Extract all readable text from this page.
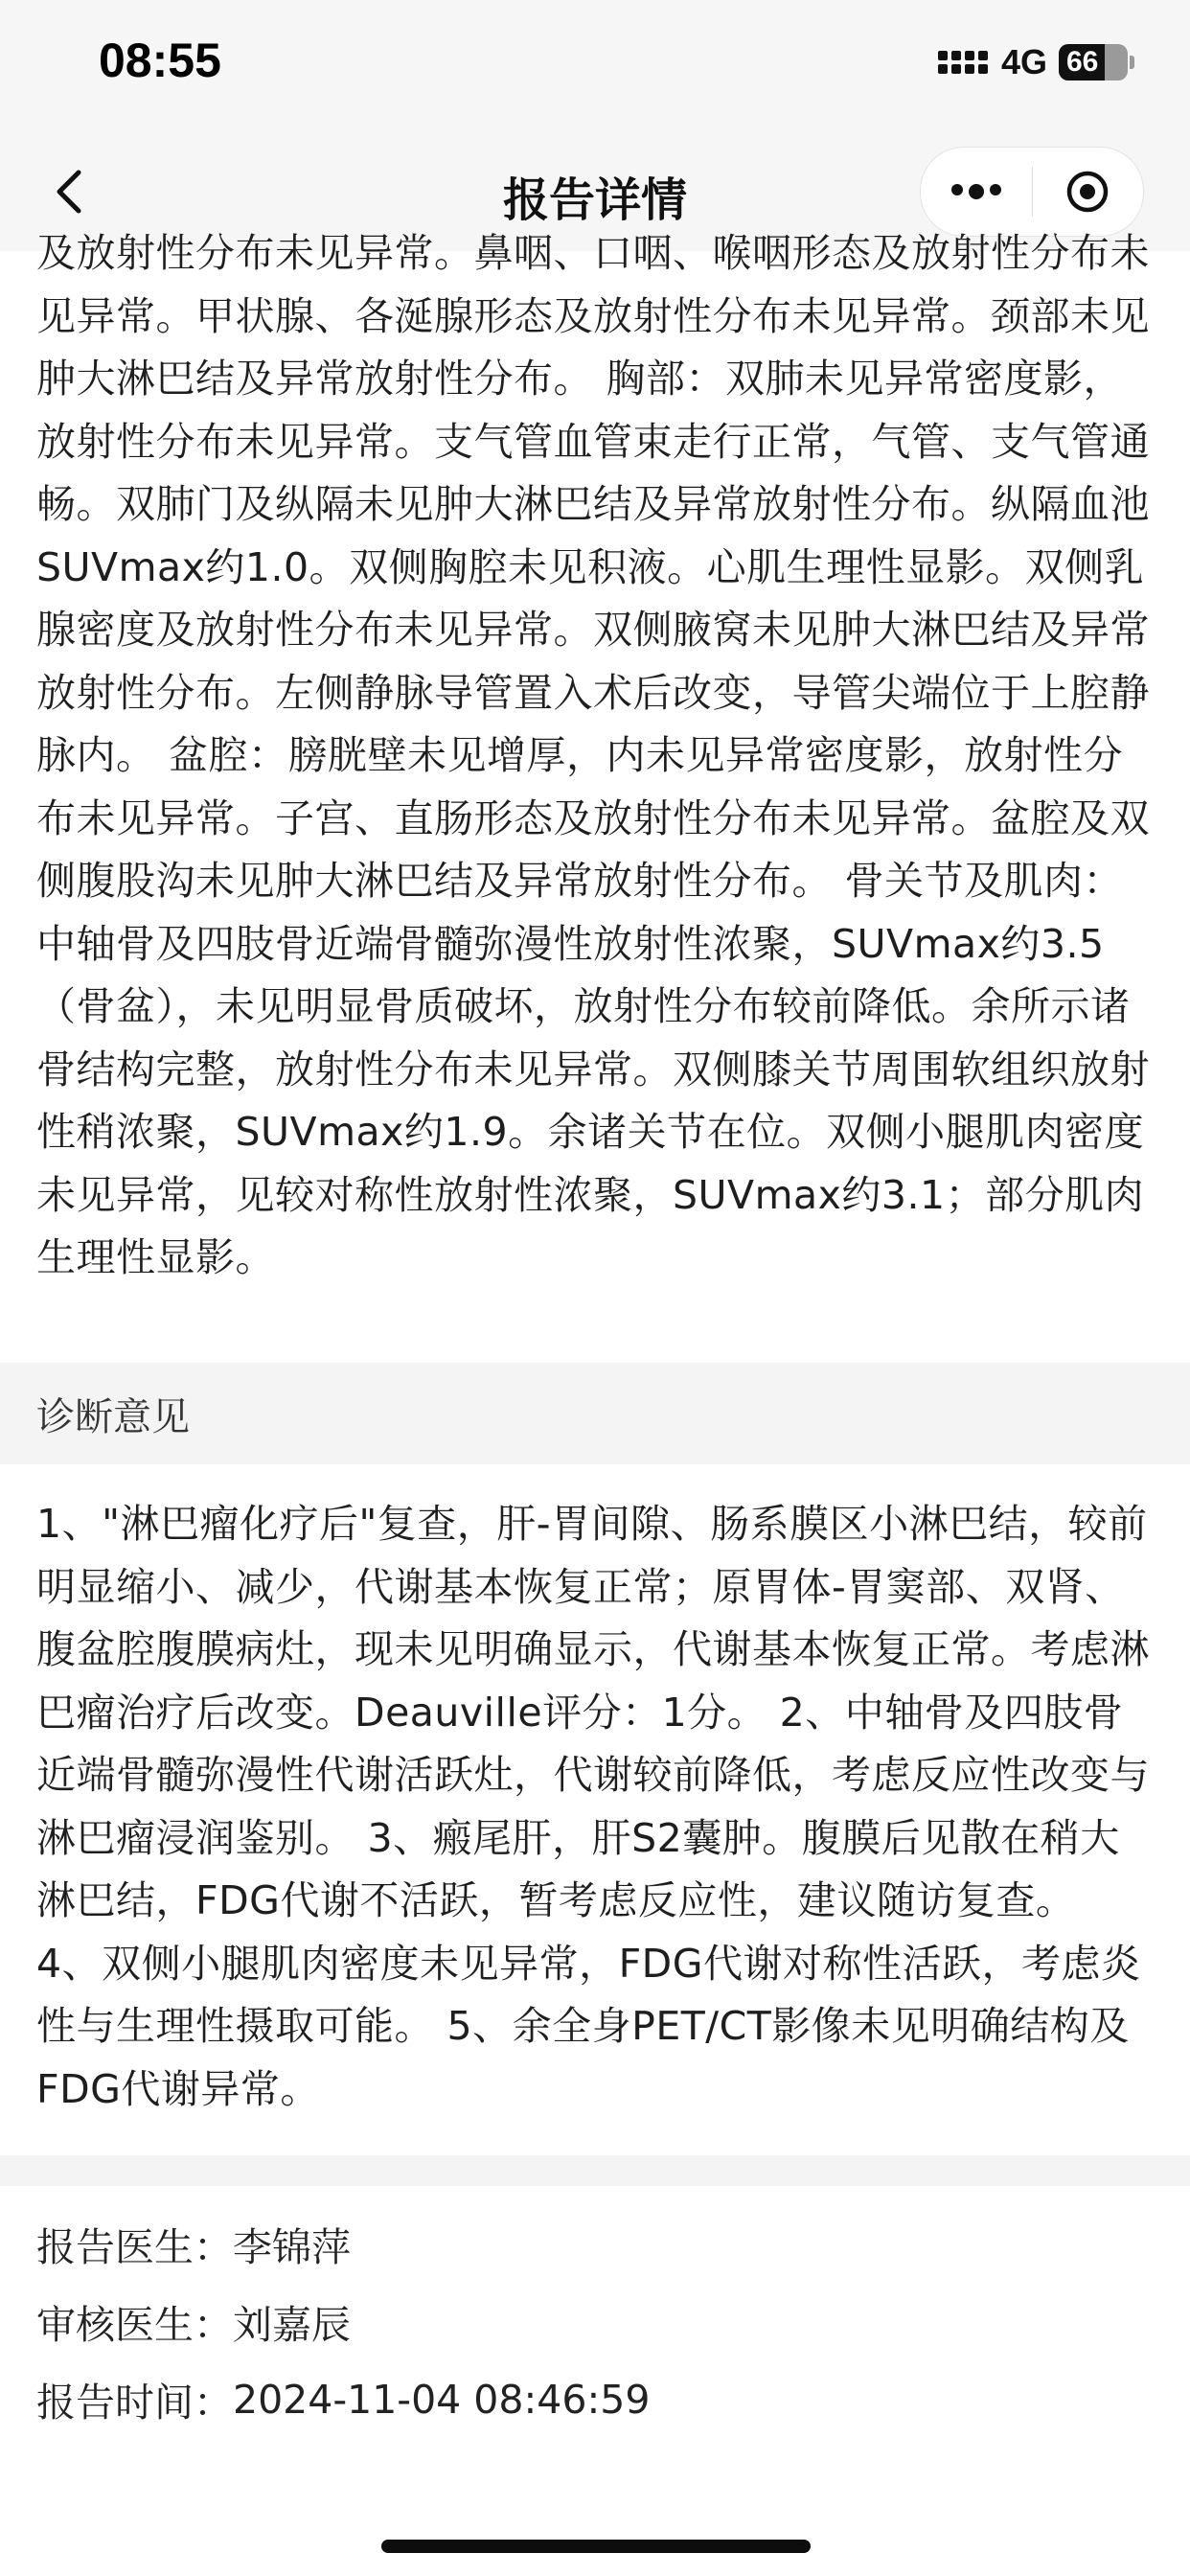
08:55	4G 66
报告详情
及放射性分布未见异常。鼻咽、口咽、喉咽形态及放射性分布未见异常。甲状腺、各涎腺形态及放射性分布未见异常。颈部未见肿大淋巴结及异常放射性分布。 胸部：双肺未见异常密度影，放射性分布未见异常。支气管血管束走行正常，气管、支气管通畅。双肺门及纵隔未见肿大淋巴结及异常放射性分布。纵隔血池SUVmax约1.0。双侧胸腔未见积液。心肌生理性显影。双侧乳腺密度及放射性分布未见异常。双侧腋窝未见肿大淋巴结及异常放射性分布。左侧静脉导管置入术后改变，导管尖端位于上腔静脉内。 盆腔：膀胱壁未见增厚，内未见异常密度影，放射性分布未见异常。子宫、直肠形态及放射性分布未见异常。盆腔及双侧腹股沟未见肿大淋巴结及异常放射性分布。 骨关节及肌肉：中轴骨及四肢骨近端骨髓弥漫性放射性浓聚，SUVmax约3.5（骨盆），未见明显骨质破坏，放射性分布较前降低。余所示诸骨结构完整，放射性分布未见异常。双侧膝关节周围软组织放射性稍浓聚，SUVmax约1.9。余诸关节在位。双侧小腿肌肉密度未见异常，见较对称性放射性浓聚，SUVmax约3.1；部分肌肉生理性显影。
诊断意见
1、"淋巴瘤化疗后"复查，肝-胃间隙、肠系膜区小淋巴结，较前明显缩小、减少，代谢基本恢复正常；原胃体-胃窦部、双肾、腹盆腔腹膜病灶，现未见明确显示，代谢基本恢复正常。考虑淋巴瘤治疗后改变。Deauville评分：1分。 2、中轴骨及四肢骨近端骨髓弥漫性代谢活跃灶，代谢较前降低，考虑反应性改变与淋巴瘤浸润鉴别。 3、瘢尾肝，肝S2囊肿。腹膜后见散在稍大淋巴结，FDG代谢不活跃，暂考虑反应性，建议随访复查。 4、双侧小腿肌肉密度未见异常，FDG代谢对称性活跃，考虑炎性与生理性摄取可能。 5、余全身PET/CT影像未见明确结构及FDG代谢异常。
报告医生： 李锦萍
审核医生： 刘嘉辰
报告时间： 2024-11-04 08:46:59
